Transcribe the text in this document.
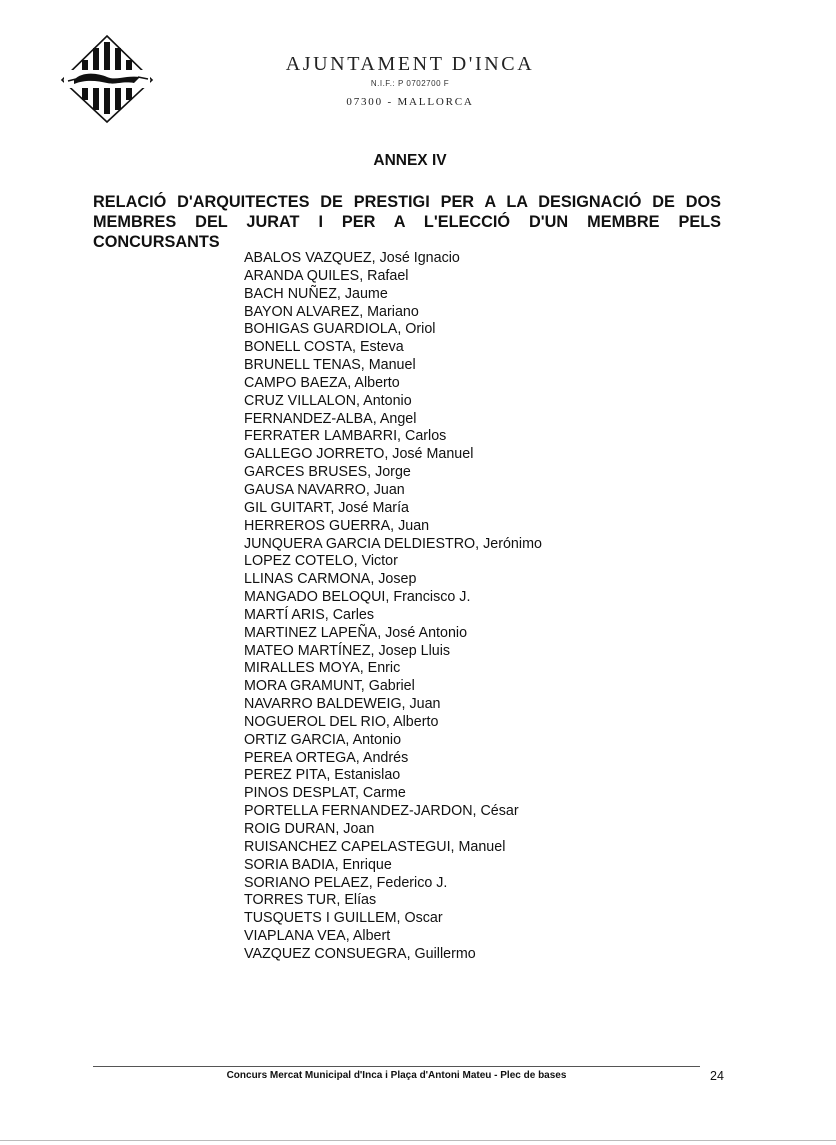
AJUNTAMENT D'INCA
N.I.F.: P 0702700 F
07300 - MALLORCA
ANNEX IV
RELACIÓ D'ARQUITECTES DE PRESTIGI PER A LA DESIGNACIÓ DE DOS
MEMBRES DEL JURAT I PER A L'ELECCIÓ D'UN MEMBRE PELS CONCURSANTS
ABALOS VAZQUEZ, José Ignacio
ARANDA QUILES, Rafael
BACH NUÑEZ, Jaume
BAYON ALVAREZ, Mariano
BOHIGAS GUARDIOLA, Oriol
BONELL COSTA, Esteva
BRUNELL TENAS, Manuel
CAMPO BAEZA, Alberto
CRUZ VILLALON, Antonio
FERNANDEZ-ALBA, Angel
FERRATER LAMBARRI, Carlos
GALLEGO JORRETO, José Manuel
GARCES BRUSES, Jorge
GAUSA NAVARRO, Juan
GIL GUITART, José María
HERREROS GUERRA, Juan
JUNQUERA GARCIA DELDIESTRO, Jerónimo
LOPEZ COTELO, Victor
LLINAS CARMONA, Josep
MANGADO BELOQUI, Francisco J.
MARTÍ ARIS, Carles
MARTINEZ LAPEÑA, José Antonio
MATEO MARTÍNEZ, Josep Lluis
MIRALLES MOYA, Enric
MORA GRAMUNT, Gabriel
NAVARRO BALDEWEIG, Juan
NOGUEROL DEL RIO, Alberto
ORTIZ GARCIA, Antonio
PEREA ORTEGA, Andrés
PEREZ PITA, Estanislao
PINOS DESPLAT, Carme
PORTELLA FERNANDEZ-JARDON, César
ROIG DURAN, Joan
RUISANCHEZ CAPELASTEGUI, Manuel
SORIA BADIA, Enrique
SORIANO PELAEZ, Federico J.
TORRES TUR, Elías
TUSQUETS I GUILLEM, Oscar
VIAPLANA VEA, Albert
VAZQUEZ CONSUEGRA, Guillermo
Concurs Mercat Municipal d'Inca i Plaça d'Antoni Mateu - Plec de bases	24
